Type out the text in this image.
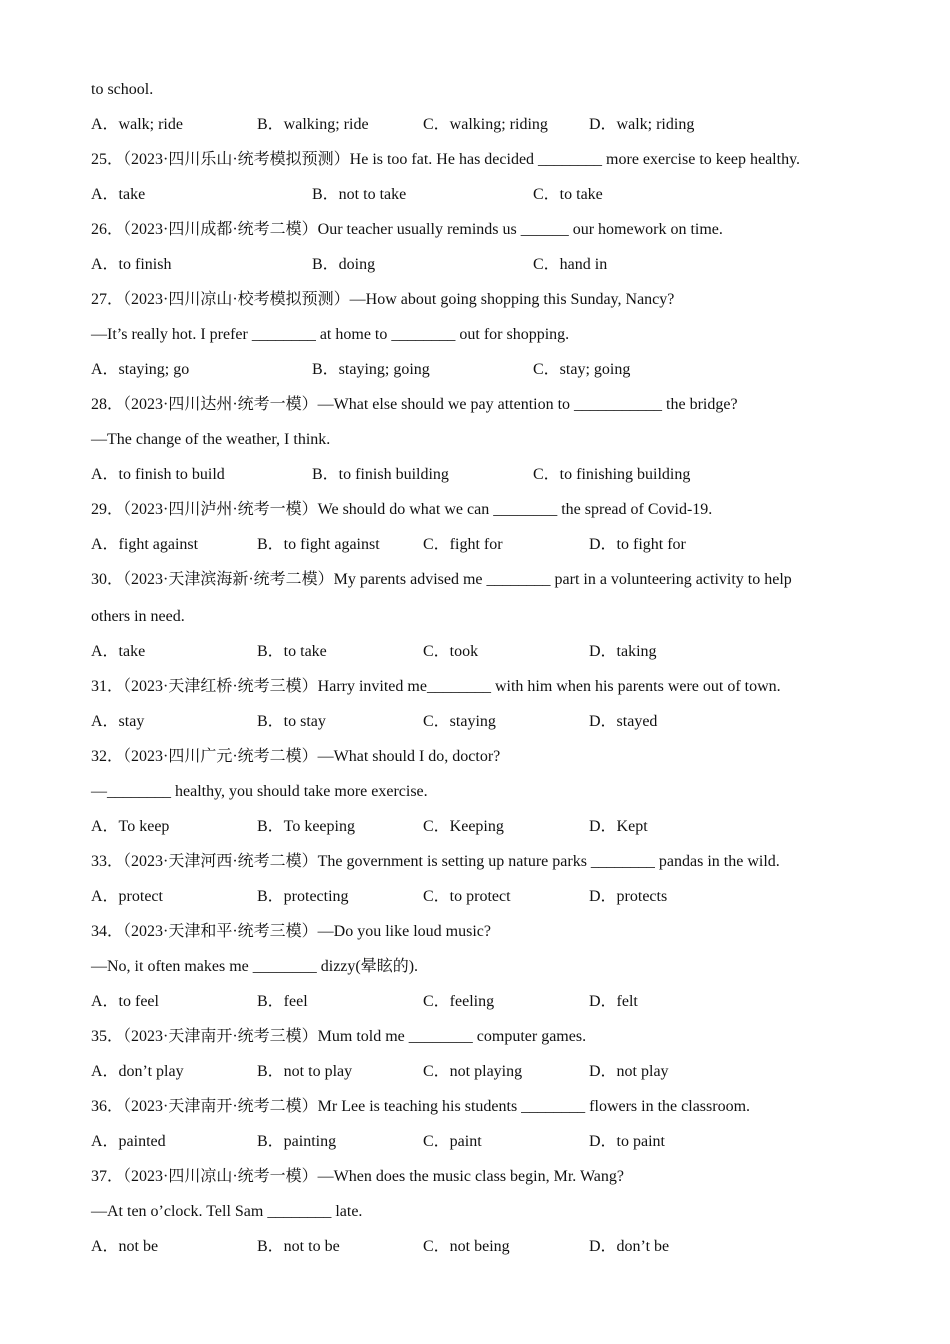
to school.
A．walk; ride	B．walking; ride	C．walking; riding	D．walk; riding
25．（2023·四川乐山·统考模拟预测）He is too fat. He has decided ________ more exercise to keep healthy.
A．take	B．not to take	C．to take
26．（2023·四川成都·统考二模）Our teacher usually reminds us ______ our homework on time.
A．to finish	B．doing	C．hand in
27．（2023·四川凉山·校考模拟预测）—How about going shopping this Sunday, Nancy?
—It’s really hot. I prefer ________ at home to ________ out for shopping.
A．staying; go	B．staying; going	C．stay; going
28．（2023·四川达州·统考一模）—What else should we pay attention to ___________ the bridge?
—The change of the weather, I think.
A．to finish to build	B．to finish building	C．to finishing building
29．（2023·四川泸州·统考一模）We should do what we can ________ the spread of Covid-19.
A．fight against	B．to fight against	C．fight for	D．to fight for
30．（2023·天津滨海新·统考二模）My parents advised me ________ part in a volunteering activity to help
others in need.
A．take	B．to take	C．took	D．taking
31．（2023·天津红桥·统考三模）Harry invited me________ with him when his parents were out of town.
A．stay	B．to stay	C．staying	D．stayed
32．（2023·四川广元·统考二模）—What should I do, doctor?
—________ healthy, you should take more exercise.
A．To keep	B．To keeping	C．Keeping	D．Kept
33．（2023·天津河西·统考二模）The government is setting up nature parks ________ pandas in the wild.
A．protect	B．protecting	C．to protect	D．protects
34．（2023·天津和平·统考三模）—Do you like loud music?
—No, it often makes me ________ dizzy(晕眩的).
A．to feel	B．feel	C．feeling	D．felt
35．（2023·天津南开·统考三模）Mum told me ________ computer games.
A．don’t play	B．not to play	C．not playing	D．not play
36．（2023·天津南开·统考二模）Mr Lee is teaching his students ________ flowers in the classroom.
A．painted	B．painting	C．paint	D．to paint
37．（2023·四川凉山·统考一模）—When does the music class begin, Mr. Wang?
—At ten o’clock. Tell Sam ________ late.
A．not be	B．not to be	C．not being	D．don’t be
